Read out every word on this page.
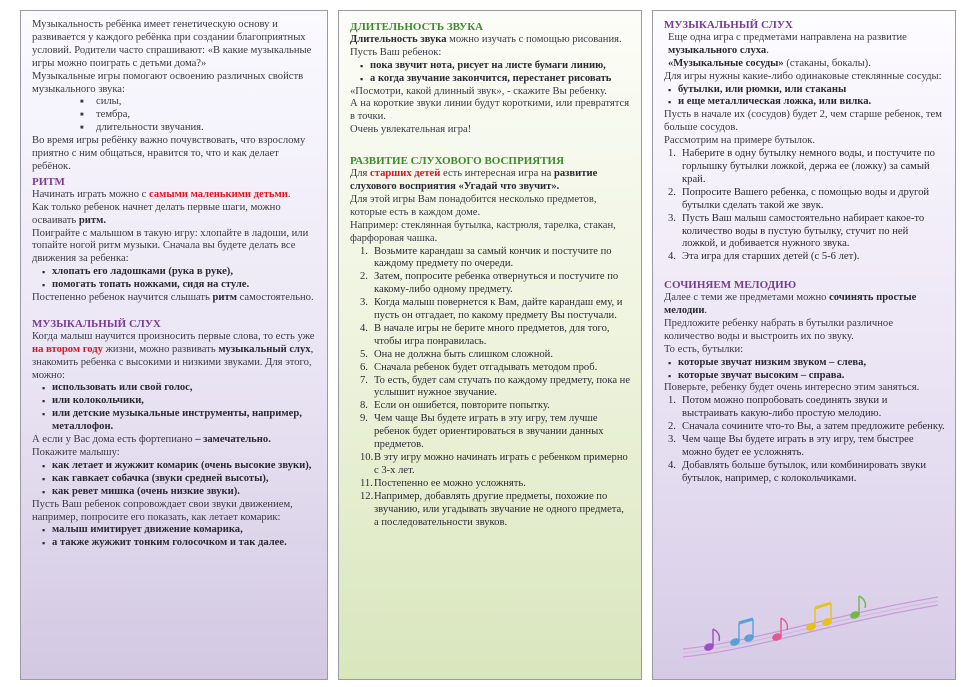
Музыкальность ребёнка имеет генетическую основу и развивается у каждого ребёнка при создании благоприятных условий. Родители часто спрашивают: «В какие музыкальные игры можно поиграть с детьми дома?»

Музыкальные игры помогают освоению различных свойств музыкального звука:

■ силы,
■ тембра,
■ длительности звучания.

Во время игры ребёнку важно почувствовать, что взрослому приятно с ним общаться, нравится то, что и как делает ребёнок.

РИТМ

Начинать играть можно с самыми маленькими детьми.

Как только ребенок начнет делать первые шаги, можно осваивать ритм.

Поиграйте с малышом в такую игру: хлопайте в ладоши, или топайте ногой ритм музыки. Сначала вы будете делать все движения за ребенка:

▪ хлопать его ладошками (рука в руке),
▪ помогать топать ножками, сидя на стуле.

Постепенно ребенок научится слышать ритм самостоятельно.

МУЗЫКАЛЬНЫЙ СЛУХ

Когда малыш научится произносить первые слова, то есть уже на втором году жизни, можно развивать музыкальный слух, знакомить ребенка с высокими и низкими звуками. Для этого, можно:

▪ использовать или свой голос,
▪ или колокольчики,
▪ или детские музыкальные инструменты, например, металлофон.

А если у Вас дома есть фортепиано – замечательно.

Покажите малышу:

▪ как летает и жужжит комарик (очень высокие звуки),
▪ как гавкает собачка (звуки средней высоты),
▪ как ревет мишка (очень низкие звуки).

Пусть Ваш ребенок сопровождает свои звуки движением, например, попросите его показать, как летает комарик:

▪ малыш имитирует движение комарика,
▪ а также жужжит тонким голосочком и так далее.

ДЛИТЕЛЬНОСТЬ ЗВУКА

Длительность звука можно изучать с помощью рисования.

Пусть Ваш ребенок:

▪ пока звучит нота, рисует на листе бумаги линию,
▪ а когда звучание закончится, перестанет рисовать

«Посмотри, какой длинный звук», - скажите Вы ребенку.

А на короткие звуки линии будут короткими, или превратятся в точки.

Очень увлекательная игра!

РАЗВИТИЕ СЛУХОВОГО ВОСПРИЯТИЯ

Для старших детей есть интересная игра на развитие слухового восприятия «Угадай что звучит».

Для этой игры Вам понадобится несколько предметов, которые есть в каждом доме.

Например: стеклянная бутылка, кастрюля, тарелка, стакан, фарфоровая чашка.

1. Возьмите карандаш за самый кончик и постучите по каждому предмету по очереди.
2. Затем, попросите ребенка отвернуться и постучите по какому-либо одному предмету.
3. Когда малыш повернется к Вам, дайте карандаш ему, и пусть он отгадает, по какому предмету Вы постучали.
4. В начале игры не берите много предметов, для того, чтобы игра понравилась.
5. Она не должна быть слишком сложной.
6. Сначала ребенок будет отгадывать методом проб.
7. То есть, будет сам стучать по каждому предмету, пока не услышит нужное звучание.
8. Если он ошибется, повторите попытку.
9. Чем чаще Вы будете играть в эту игру, тем лучше ребенок будет ориентироваться в звучании данных предметов.
10. В эту игру можно начинать играть с ребенком примерно с 3-х лет.
11. Постепенно ее можно усложнять.
12. Например, добавлять другие предметы, похожие по звучанию, или угадывать звучание не одного предмета, а последовательности звуков.

МУЗЫКАЛЬНЫЙ СЛУХ

Еще одна игра с предметами направлена на развитие музыкального слуха.

«Музыкальные сосуды» (стаканы, бокалы).

Для игры нужны какие-либо одинаковые стеклянные сосуды:

▪ бутылки, или рюмки, или стаканы
▪ и еще металлическая ложка, или вилка.

Пусть в начале их (сосудов) будет 2, чем старше ребенок, тем больше сосудов.

Рассмотрим на примере бутылок.

1. Наберите в одну бутылку немного воды, и постучите по горлышку бутылки ложкой, держа ее (ложку) за самый край.
2. Попросите Вашего ребенка, с помощью воды и другой бутылки сделать такой же звук.
3. Пусть Ваш малыш самостоятельно набирает какое-то количество воды в пустую бутылку, стучит по ней ложкой, и добивается нужного звука.
4. Эта игра для старших детей (с 5-6 лет).

СОЧИНЯЕМ МЕЛОДИЮ

Далее с теми же предметами можно сочинять простые мелодии.

Предложите ребенку набрать в бутылки различное количество воды и выстроить их по звуку.

То есть, бутылки:

▪ которые звучат низким звуком – слева,
▪ которые звучат высоким – справа.

Поверьте, ребенку будет очень интересно этим заняться.

1. Потом можно попробовать соединять звуки и выстраивать какую-либо простую мелодию.
2. Сначала сочините что-то Вы, а затем предложите ребенку.
3. Чем чаще Вы будете играть в эту игру, тем быстрее можно будет ее усложнять.
4. Добавлять больше бутылок, или комбинировать звуки бутылок, например, с колокольчиками.
